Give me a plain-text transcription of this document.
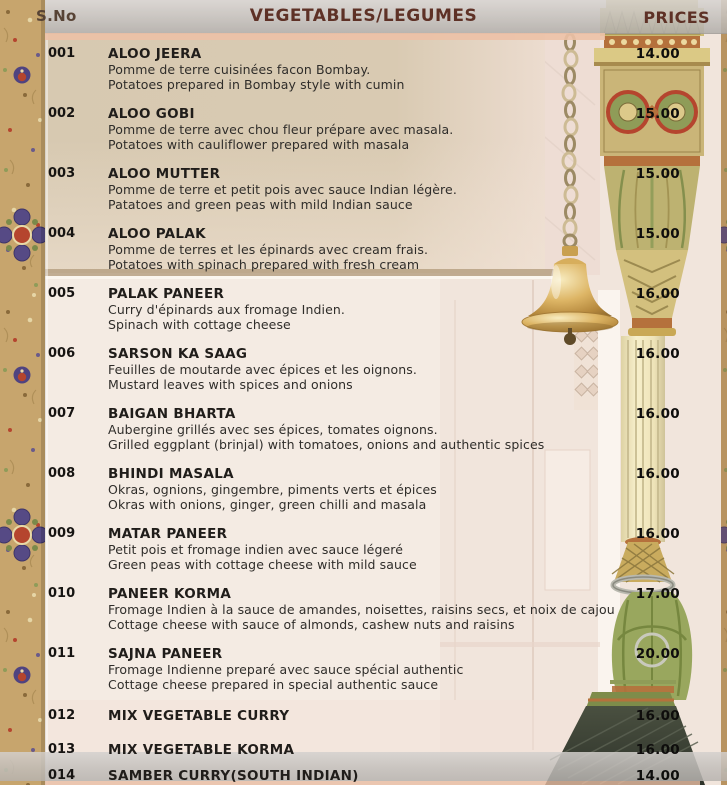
S.No	VEGETABLES/LEGUMES	PRICES
001 ALOO JEERA	14.00
Pomme de terre cuisinées facon Bombay.
Potatoes prepared in Bombay style with cumin
002 ALOO GOBI	15.00
Pomme de terre avec chou fleur prépare avec masala.
Potatoes with cauliflower prepared with masala
003 ALOO MUTTER	15.00
Pomme de terre et petit pois avec sauce Indian légère.
Patatoes and green peas with mild Indian sauce
004 ALOO PALAK	15.00
Pomme de terres et les épinards avec cream frais.
Potatoes with spinach prepared with fresh cream
005 PALAK PANEER	16.00
Curry d'épinards aux fromage Indien.
Spinach with cottage cheese
006 SARSON KA SAAG	16.00
Feuilles de moutarde avec épices et les oignons.
Mustard leaves with spices and onions
007 BAIGAN BHARTA	16.00
Aubergine grillés avec ses épices, tomates oignons.
Grilled eggplant (brinjal) with tomatoes, onions and authentic spices
008 BHINDI MASALA	16.00
Okras, ognions, gingembre, piments verts et épices
Okras with onions, ginger, green chilli and masala
009 MATAR PANEER	16.00
Petit pois et fromage indien avec sauce légeré
Green peas with cottage cheese with mild sauce
010 PANEER KORMA	17.00
Fromage Indien à la sauce de amandes, noisettes, raisins secs, et noix de cajou
Cottage cheese with sauce of almonds, cashew nuts and raisins
011 SAJNA PANEER	20.00
Fromage Indienne preparé avec sauce spécial authentic
Cottage cheese prepared in special authentic sauce
012 MIX VEGETABLE CURRY	16.00
013 MIX VEGETABLE KORMA	16.00
014 SAMBER CURRY(SOUTH INDIAN)	14.00
